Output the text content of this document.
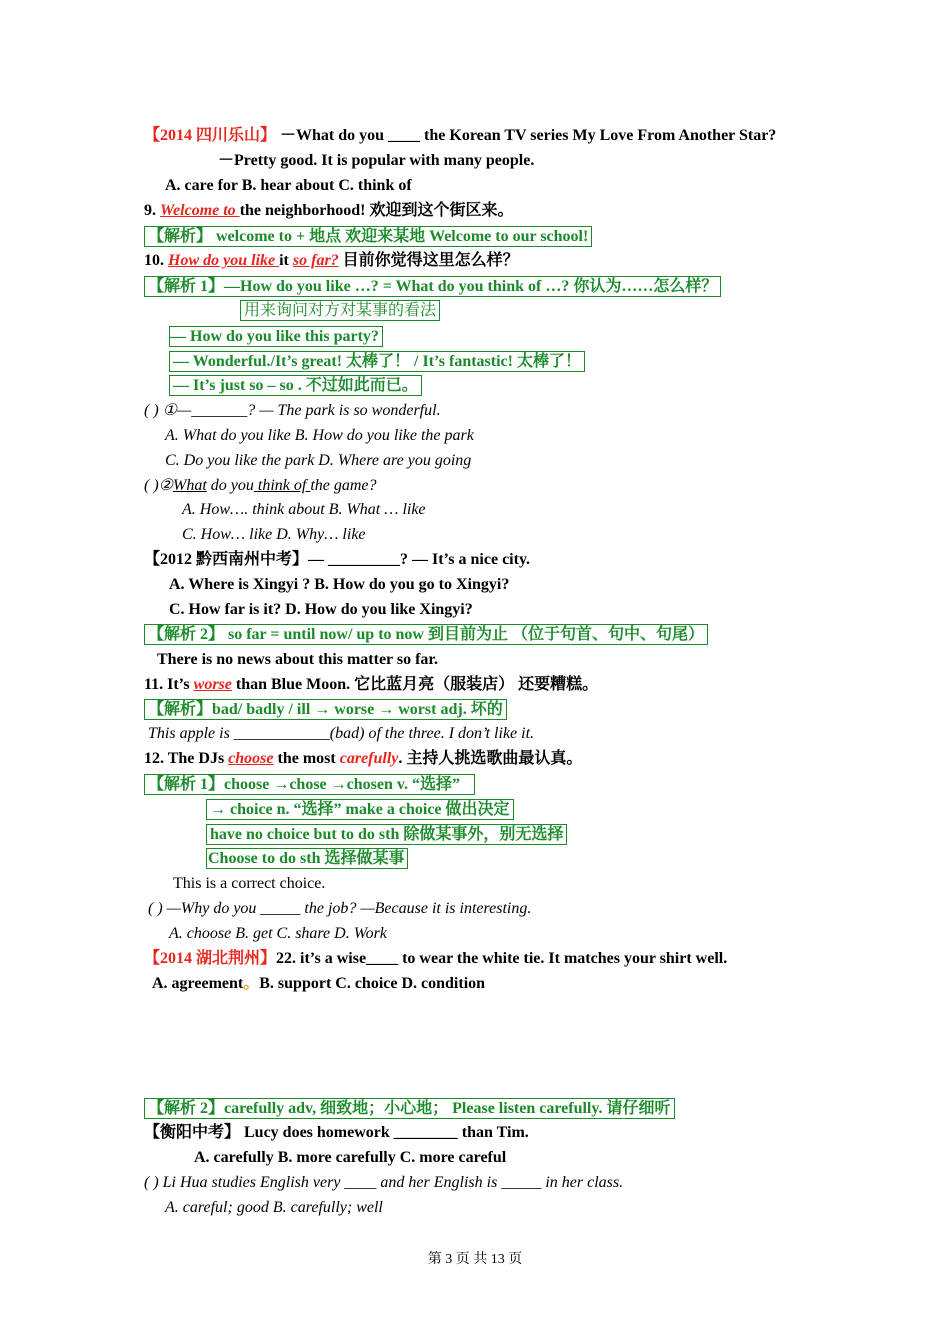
【2014 四川乐山】 －What do you ____ the Korean TV series My Love From Another Star?
－Pretty good. It is popular with many people.
A. care for B. hear about C. think of
9. Welcome to the neighborhood! 欢迎到这个街区来。
【解析】 welcome to + 地点 欢迎来某地 Welcome to our school!
10. How do you like it so far? 目前你觉得这里怎么样？
【解析 1】—How do you like …? = What do you think of …? 你认为……怎么样？
用来询问对方对某事的看法
— How do you like this party?
— Wonderful./It’s great! 太棒了！ / It’s fantastic! 太棒了！
— It’s just so – so . 不过如此而已。
( ) ①—_______? — The park is so wonderful.
A. What do you like B. How do you like the park
C. Do you like the park D. Where are you going
( )②What do you think of the game?
A. How…. think about B. What … like
C. How… like D. Why… like
【2012 黔西南州中考】— _________? — It’s a nice city.
A. Where is Xingyi ? B. How do you go to Xingyi?
C. How far is it? D. How do you like Xingyi?
【解析 2】 so far = until now/ up to now 到目前为止 （位于句首、句中、句尾）
There is no news about this matter so far.
11. It’s worse than Blue Moon. 它比蓝月亮（服装店） 还要糟糕。
【解析】bad/ badly / ill → worse → worst adj. 坏的
This apple is ____________(bad) of the three. I don’t like it.
12. The DJs choose the most carefully. 主持人挑选歌曲最认真。
【解析 1】choose →chose →chosen v. “选择”
→ choice n. “选择” make a choice 做出决定
have no choice but to do sth 除做某事外，别无选择
Choose to do sth 选择做某事
This is a correct choice.
( ) —Why do you _____ the job? —Because it is interesting.
A. choose B. get C. share D. Work
【2014 湖北荆州】22. it’s a wise____ to wear the white tie. It matches your shirt well.
A. agreement。B. support C. choice D. condition
【解析 2】carefully adv, 细致地；小心地； Please listen carefully. 请仔细听
【衡阳中考】 Lucy does homework ________ than Tim.
A. carefully B. more carefully C. more careful
( ) Li Hua studies English very ____ and her English is _____ in her class.
A. careful; good B. carefully; well
第 3 页 共 13 页
